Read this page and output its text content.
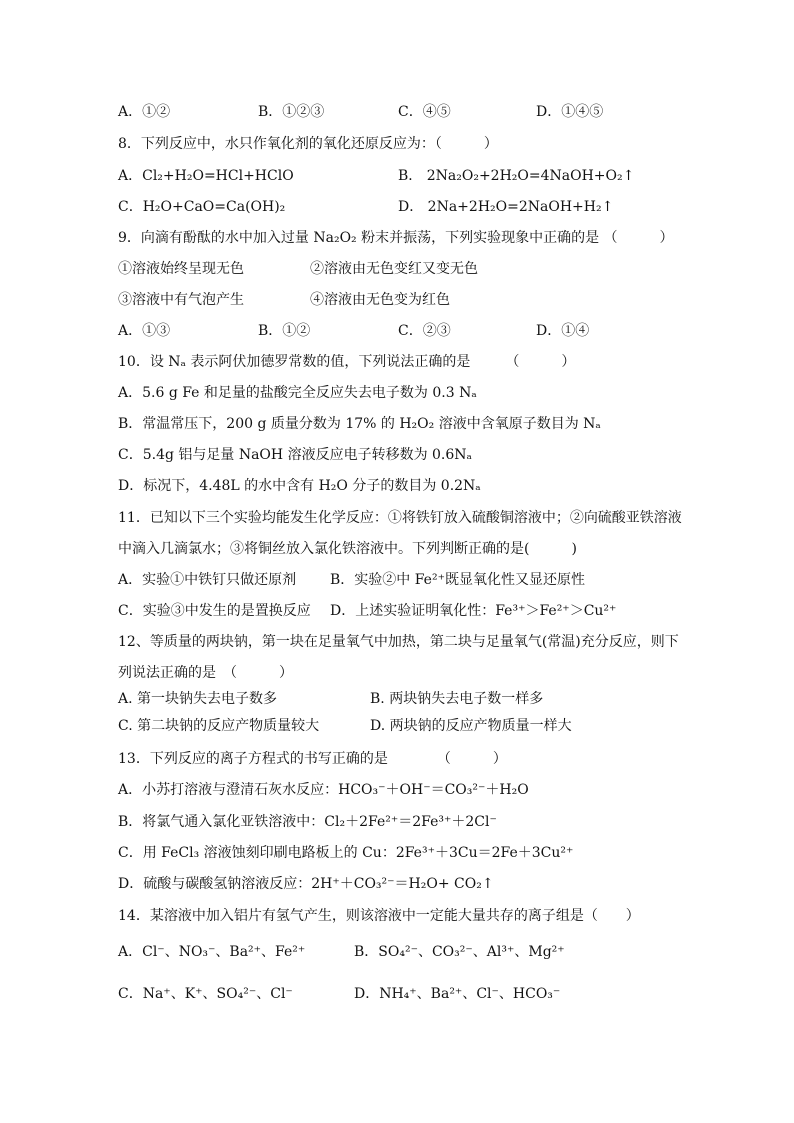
A．①②	B．①②③	C．④⑤	D．①④⑤
8．下列反应中，水只作氧化剂的氧化还原反应为：（　　　）
A．Cl₂+H₂O=HCl+HClO	B． 2Na₂O₂+2H₂O=4NaOH+O₂↑
C．H₂O+CaO=Ca(OH)₂	D． 2Na+2H₂O=2NaOH+H₂↑
9．向滴有酚酞的水中加入过量 Na₂O₂ 粉末并振荡，下列实验现象中正确的是 （　　　）
①溶液始终呈现无色	②溶液由无色变红又变无色
③溶液中有气泡产生	④溶液由无色变为红色
A．①③	B．①②	C．②③	D．①④
10．设 Nₐ 表示阿伏加德罗常数的值，下列说法正确的是　　　（　　　）
A．5.6 g Fe 和足量的盐酸完全反应失去电子数为 0.3 Nₐ
B．常温常压下，200 g 质量分数为 17% 的 H₂O₂ 溶液中含氧原子数目为 Nₐ
C．5.4g 铝与足量 NaOH 溶液反应电子转移数为 0.6Nₐ
D．标况下，4.48L 的水中含有 H₂O 分子的数目为 0.2Nₐ
11．已知以下三个实验均能发生化学反应：①将铁钉放入硫酸铜溶液中；②向硫酸亚铁溶液
中滴入几滴氯水；③将铜丝放入氯化铁溶液中。下列判断正确的是(　　　)
A．实验①中铁钉只做还原剂 B．实验②中 Fe²⁺既显氧化性又显还原性
C．实验③中发生的是置换反应 D．上述实验证明氧化性：Fe³⁺＞Fe²⁺＞Cu²⁺
12、等质量的两块钠，第一块在足量氧气中加热，第二块与足量氧气(常温)充分反应，则下
列说法正确的是　（　　　）
A. 第一块钠失去电子数多	B. 两块钠失去电子数一样多
C. 第二块钠的反应产物质量较大	D. 两块钠的反应产物质量一样大
13．下列反应的离子方程式的书写正确的是　　　　（　　　）
A．小苏打溶液与澄清石灰水反应：HCO₃⁻＋OH⁻＝CO₃²⁻＋H₂O
B．将氯气通入氯化亚铁溶液中：Cl₂＋2Fe²⁺＝2Fe³⁺＋2Cl⁻
C．用 FeCl₃ 溶液蚀刻印刷电路板上的 Cu：2Fe³⁺＋3Cu＝2Fe＋3Cu²⁺
D．硫酸与碳酸氢钠溶液反应：2H⁺＋CO₃²⁻＝H₂O+ CO₂↑
14．某溶液中加入铝片有氢气产生，则该溶液中一定能大量共存的离子组是（　　）
A．Cl⁻、NO₃⁻、Ba²⁺、Fe²⁺	B．SO₄²⁻、CO₃²⁻、Al³⁺、Mg²⁺
C．Na⁺、K⁺、SO₄²⁻、Cl⁻	D．NH₄⁺、Ba²⁺、Cl⁻、HCO₃⁻
